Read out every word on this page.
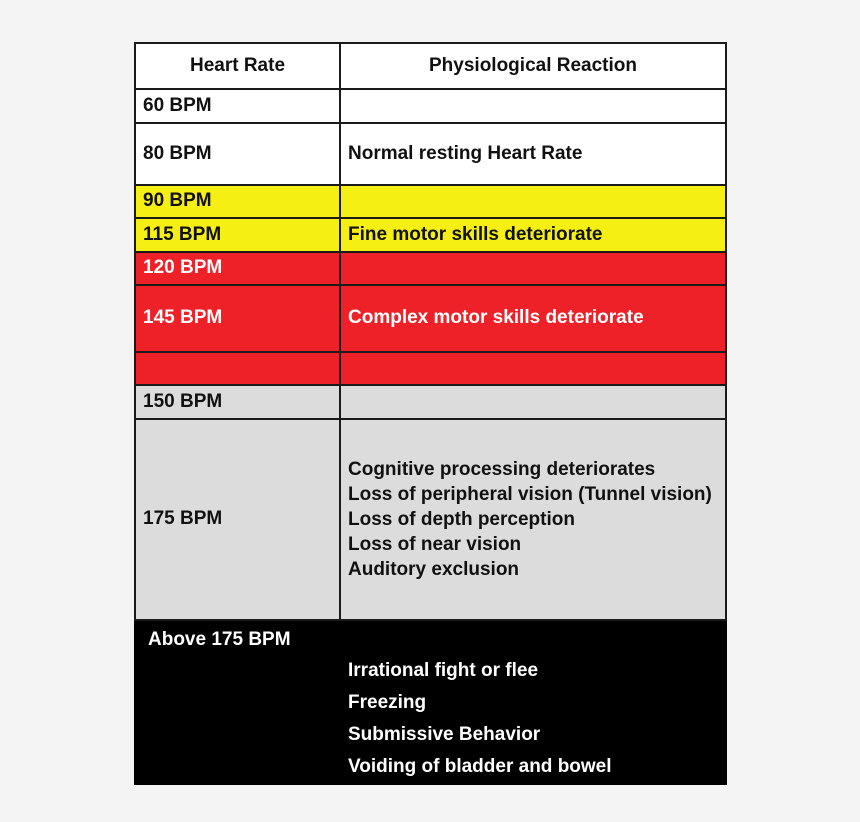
Heart Rate	Physiological Reaction
60 BPM	
80 BPM	Normal resting Heart Rate
90 BPM	
115 BPM	Fine motor skills deteriorate
120 BPM	
145 BPM	Complex motor skills deteriorate

150 BPM	
175 BPM	Cognitive processing deteriorates
Loss of peripheral vision (Tunnel vision)
Loss of depth perception
Loss of near vision
Auditory exclusion

Above 175 BPM	Irrational fight or flee
Freezing
Submissive Behavior
Voiding of bladder and bowel
